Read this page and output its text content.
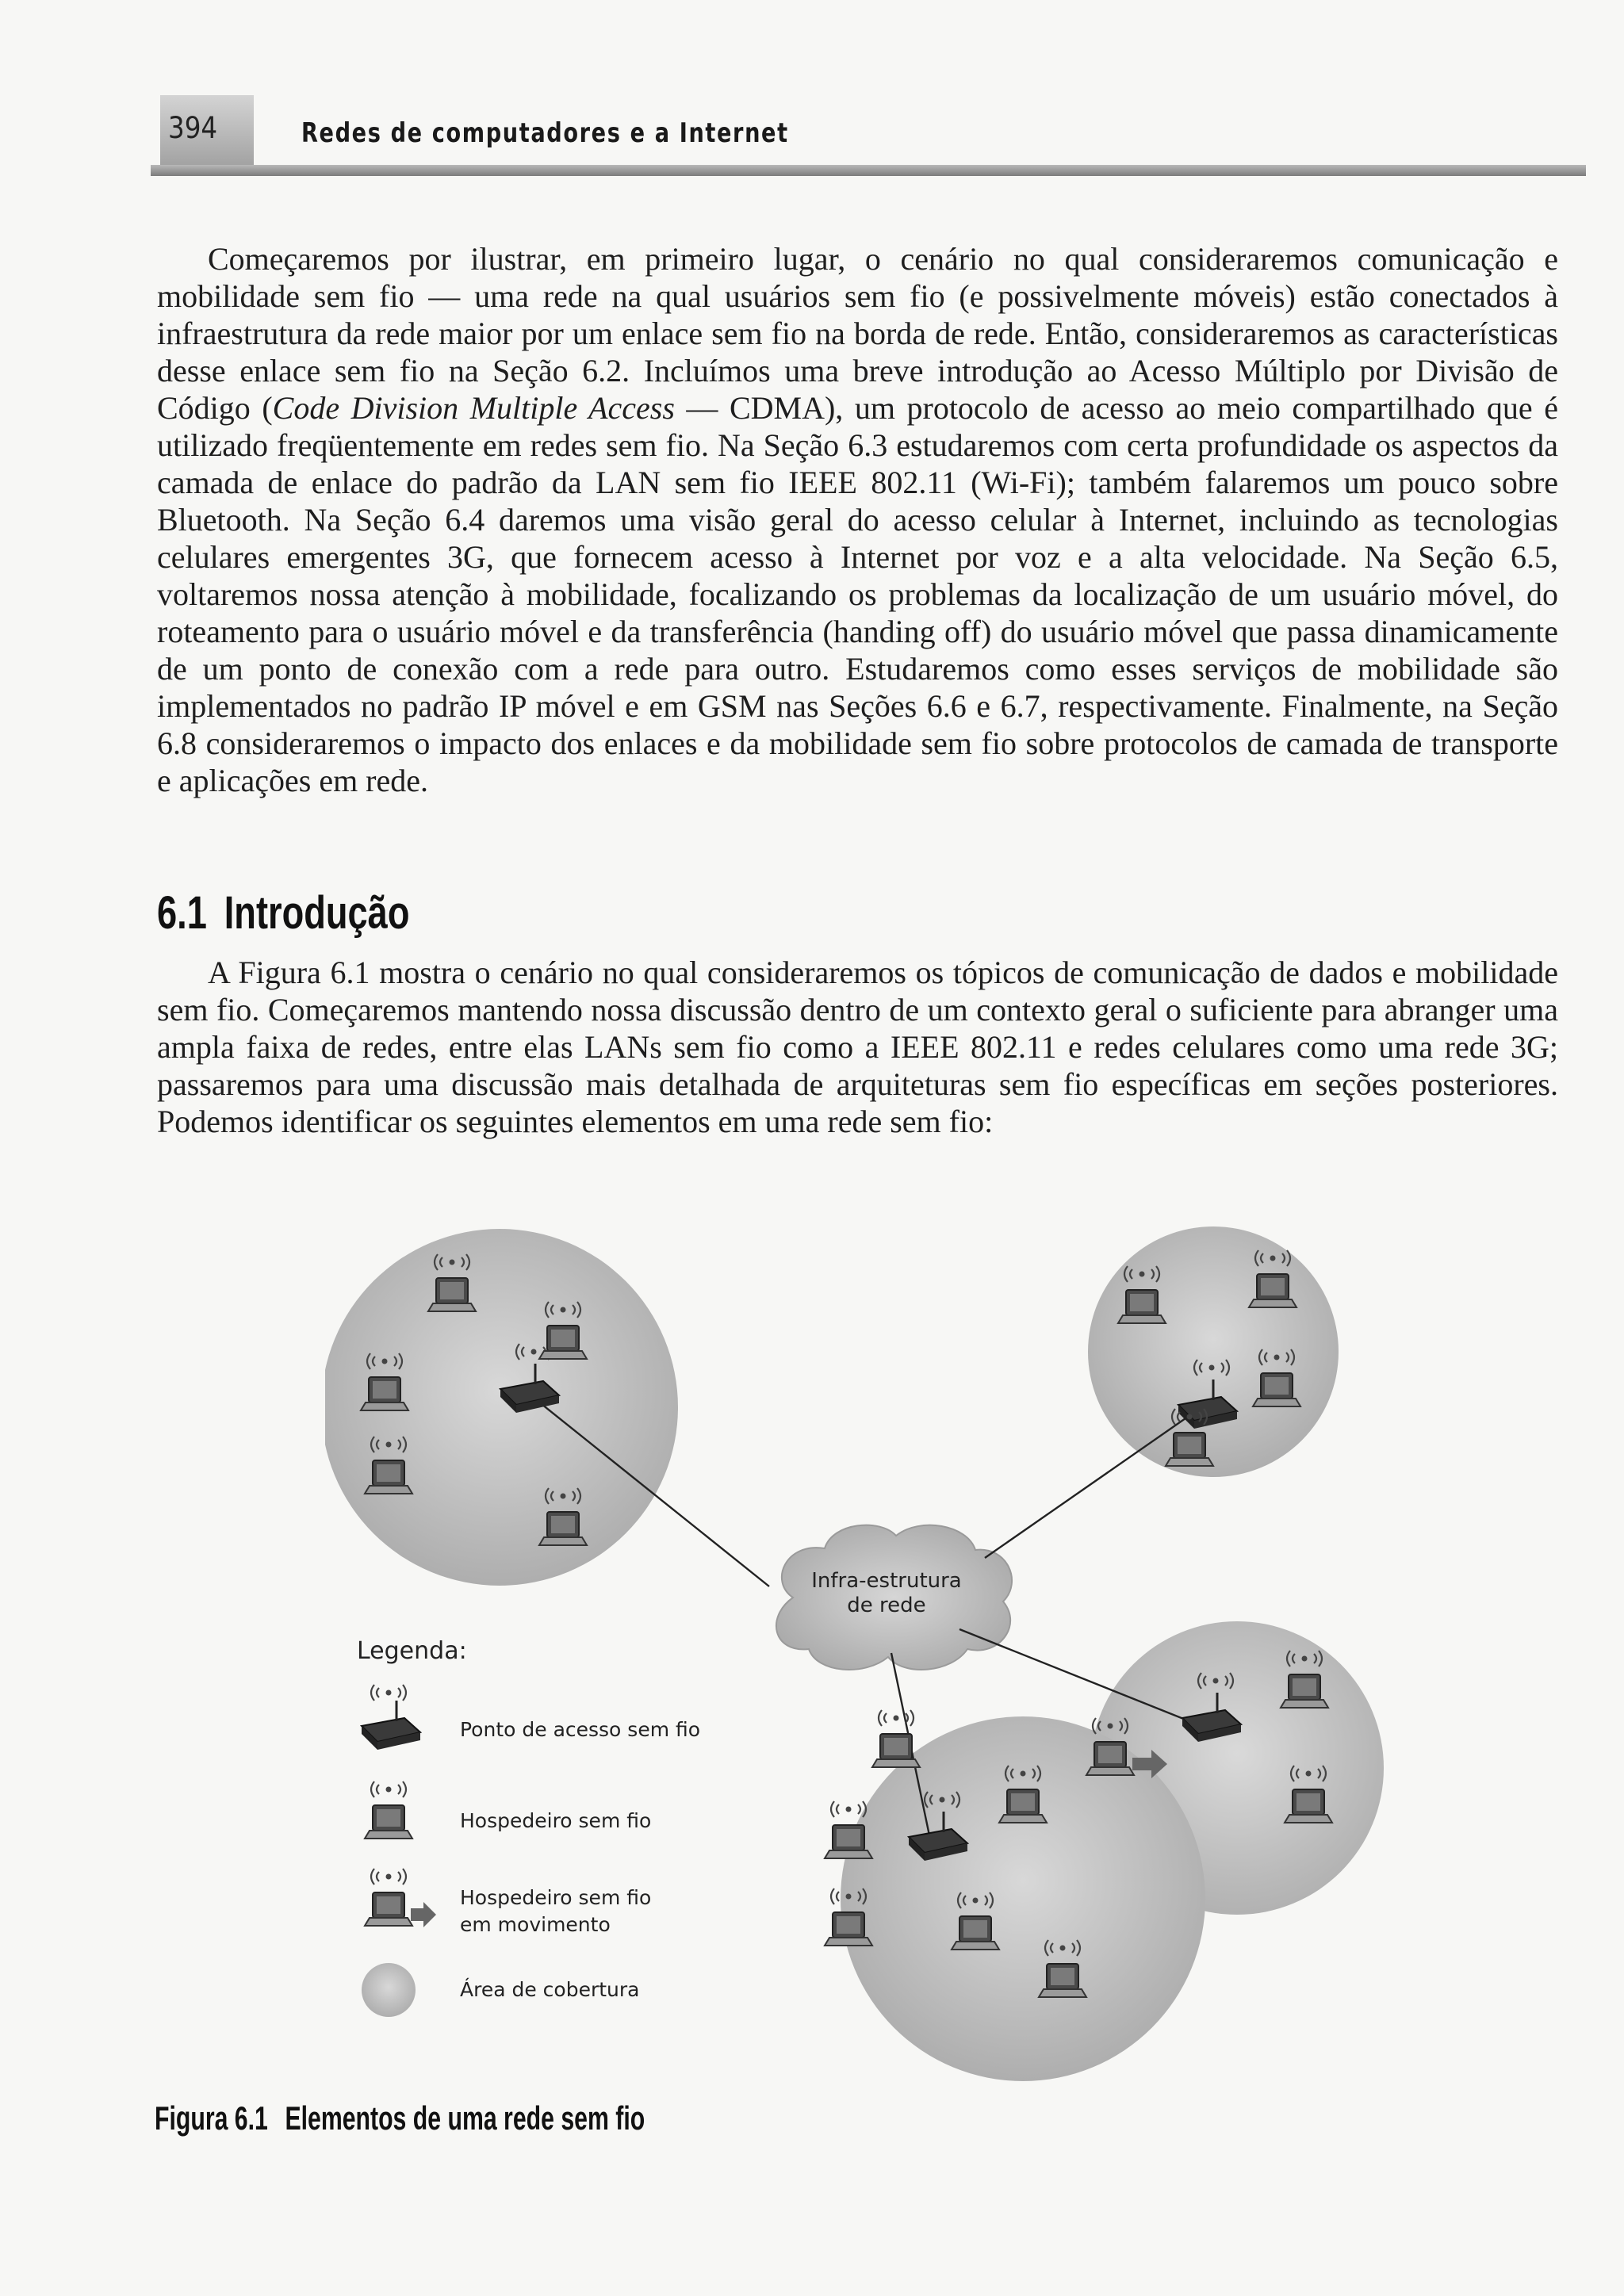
394	Redes de computadores e a Internet

Começaremos por ilustrar, em primeiro lugar, o cenário no qual consideraremos comunicação e mobilidade sem fio — uma rede na qual usuários sem fio (e possivelmente móveis) estão conectados à infraestrutura da rede maior por um enlace sem fio na borda de rede. Então, consideraremos as características desse enlace sem fio na Seção 6.2. Incluímos uma breve introdução ao Acesso Múltiplo por Divisão de Código (Code Division Multiple Access — CDMA), um protocolo de acesso ao meio compartilhado que é utilizado freqüentemente em redes sem fio. Na Seção 6.3 estudaremos com certa profundidade os aspectos da camada de enlace do padrão da LAN sem fio IEEE 802.11 (Wi-Fi); também falaremos um pouco sobre Bluetooth. Na Seção 6.4 daremos uma visão geral do acesso celular à Internet, incluindo as tecnologias celulares emergentes 3G, que fornecem acesso à Internet por voz e a alta velocidade. Na Seção 6.5, voltaremos nossa atenção à mobilidade, focalizando os problemas da localização de um usuário móvel, do roteamento para o usuário móvel e da transferência (handing off) do usuário móvel que passa dinamicamente de um ponto de conexão com a rede para outro. Estudaremos como esses serviços de mobilidade são implementados no padrão IP móvel e em GSM nas Seções 6.6 e 6.7, respectivamente. Finalmente, na Seção 6.8 consideraremos o impacto dos enlaces e da mobilidade sem fio sobre protocolos de camada de transporte e aplicações em rede.

6.1 Introdução

A Figura 6.1 mostra o cenário no qual consideraremos os tópicos de comunicação de dados e mobilidade sem fio. Começaremos mantendo nossa discussão dentro de um contexto geral o suficiente para abranger uma ampla faixa de redes, entre elas LANs sem fio como a IEEE 802.11 e redes celulares como uma rede 3G; passaremos para uma discussão mais detalhada de arquiteturas sem fio específicas em seções posteriores. Podemos identificar os seguintes elementos em uma rede sem fio:

Infra-estrutura
de rede
Legenda:
Ponto de acesso sem fio
Hospedeiro sem fio
Hospedeiro sem fio
em movimento
Área de cobertura

Figura 6.1 Elementos de uma rede sem fio
